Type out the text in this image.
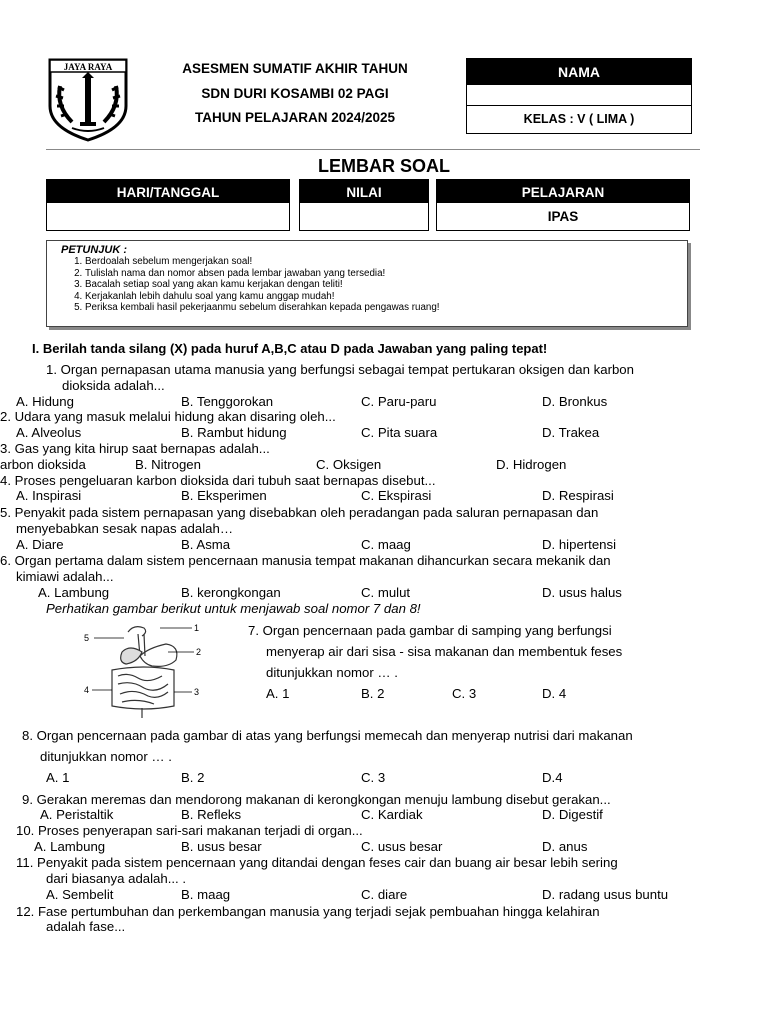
JAYA RAYA	ASESMEN SUMATIF AKHIR TAHUN
SDN DURI KOSAMBI 02 PAGI
TAHUN PELAJARAN 2024/2025
NAMA
KELAS : V ( LIMA )
LEMBAR SOAL
HARI/TANGGAL	NILAI	PELAJARAN
IPAS
PETUNJUK :
1. Berdoalah sebelum mengerjakan soal!
2. Tulislah nama dan nomor absen pada lembar jawaban yang tersedia!
3. Bacalah setiap soal yang akan kamu kerjakan dengan teliti!
4. Kerjakanlah lebih dahulu soal yang kamu anggap mudah!
5. Periksa kembali hasil pekerjaanmu sebelum diserahkan kepada pengawas ruang!
I. Berilah tanda silang (X) pada huruf A,B,C atau D pada Jawaban yang paling tepat!
1. Organ pernapasan utama manusia yang berfungsi sebagai tempat pertukaran oksigen dan karbon
dioksida adalah...
A. Hidung	B. Tenggorokan	C. Paru-paru	D. Bronkus
2. Udara yang masuk melalui hidung akan disaring oleh...
A. Alveolus	B. Rambut hidung	C. Pita suara	D. Trakea
3. Gas yang kita hirup saat bernapas adalah...
arbon dioksida	B. Nitrogen	C. Oksigen	D. Hidrogen
4. Proses pengeluaran karbon dioksida dari tubuh saat bernapas disebut...
A. Inspirasi	B. Eksperimen	C. Ekspirasi	D. Respirasi
5. Penyakit pada sistem pernapasan yang disebabkan oleh peradangan pada saluran pernapasan dan
menyebabkan sesak napas adalah…
A. Diare	B. Asma	C. maag	D. hipertensi
6. Organ pertama dalam sistem pencernaan manusia tempat makanan dihancurkan secara mekanik dan
kimiawi adalah...
A. Lambung	B. kerongkongan	C. mulut	D. usus halus
Perhatikan gambar berikut untuk menjawab soal nomor 7 dan 8!
5
1
2
4	3
7. Organ pencernaan pada gambar di samping yang berfungsi
menyerap air dari sisa - sisa makanan dan membentuk feses
ditunjukkan nomor … .
A. 1	B. 2	C. 3	D. 4
8. Organ pencernaan pada gambar di atas yang berfungsi memecah dan menyerap nutrisi dari makanan
ditunjukkan nomor … .
A. 1	B. 2	C. 3	D.4
9. Gerakan meremas dan mendorong makanan di kerongkongan menuju lambung disebut gerakan...
A. Peristaltik	B. Refleks	C. Kardiak	D. Digestif
10. Proses penyerapan sari-sari makanan terjadi di organ...
A. Lambung	B. usus besar	C. usus besar	D. anus
11. Penyakit pada sistem pencernaan yang ditandai dengan feses cair dan buang air besar lebih sering
dari biasanya adalah... .
A. Sembelit	B. maag	C. diare	D. radang usus buntu
12. Fase pertumbuhan dan perkembangan manusia yang terjadi sejak pembuahan hingga kelahiran
adalah fase...
